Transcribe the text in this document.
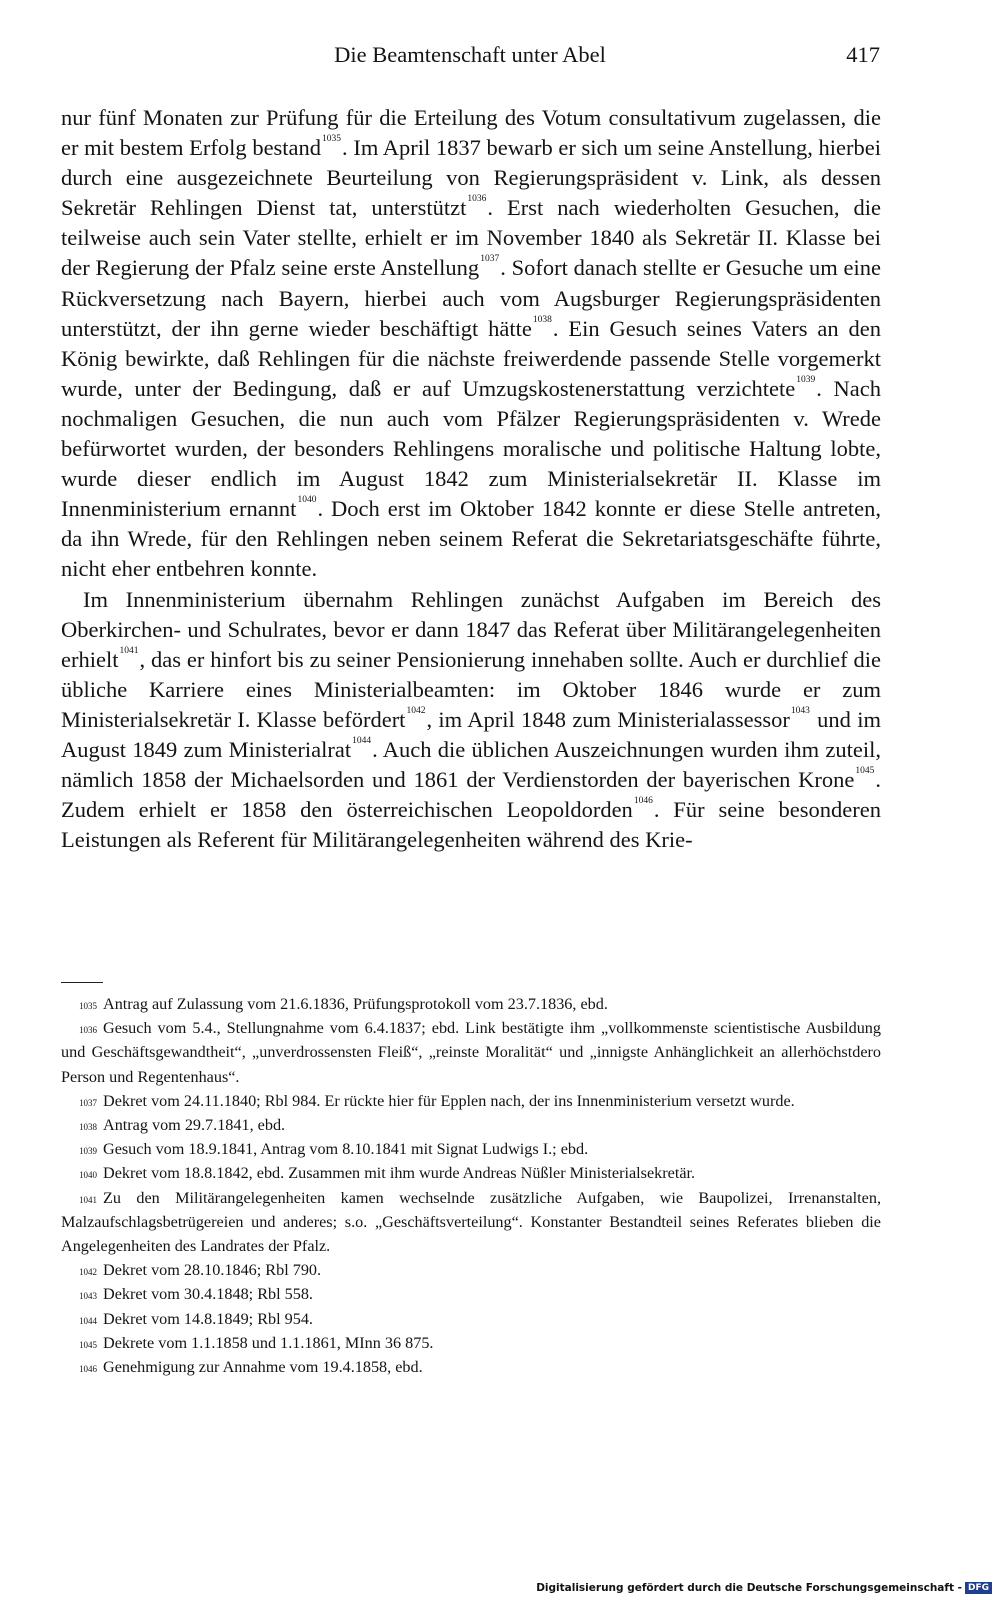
Die Beamtenschaft unter Abel	417

nur fünf Monaten zur Prüfung für die Erteilung des Votum consultativum zugelassen, die er mit bestem Erfolg bestand$^{1035}$. Im April 1837 bewarb er sich um seine Anstellung, hierbei durch eine ausgezeichnete Beurteilung von Regierungspräsident v. Link, als dessen Sekretär Rehlingen Dienst tat, unterstützt$^{1036}$. Erst nach wiederholten Gesuchen, die teilweise auch sein Vater stellte, erhielt er im November 1840 als Sekretär II. Klasse bei der Regierung der Pfalz seine erste Anstellung$^{1037}$. Sofort danach stellte er Gesuche um eine Rückversetzung nach Bayern, hierbei auch vom Augsburger Regierungspräsidenten unterstützt, der ihn gerne wieder beschäftigt hätte$^{1038}$. Ein Gesuch seines Vaters an den König bewirkte, daß Rehlingen für die nächste freiwerdende passende Stelle vorgemerkt wurde, unter der Bedingung, daß er auf Umzugskostenerstattung verzichtete$^{1039}$. Nach nochmaligen Gesuchen, die nun auch vom Pfälzer Regierungspräsidenten v. Wrede befürwortet wurden, der besonders Rehlingens moralische und politische Haltung lobte, wurde dieser endlich im August 1842 zum Ministerialsekretär II. Klasse im Innenministerium ernannt$^{1040}$. Doch erst im Oktober 1842 konnte er diese Stelle antreten, da ihn Wrede, für den Rehlingen neben seinem Referat die Sekretariatsgeschäfte führte, nicht eher entbehren konnte.

Im Innenministerium übernahm Rehlingen zunächst Aufgaben im Bereich des Oberkirchen- und Schulrates, bevor er dann 1847 das Referat über Militärangelegenheiten erhielt$^{1041}$, das er hinfort bis zu seiner Pensionierung innehaben sollte. Auch er durchlief die übliche Karriere eines Ministerialbeamten: im Oktober 1846 wurde er zum Ministerialsekretär I. Klasse befördert$^{1042}$, im April 1848 zum Ministerialassessor$^{1043}$ und im August 1849 zum Ministerialrat$^{1044}$. Auch die üblichen Auszeichnungen wurden ihm zuteil, nämlich 1858 der Michaelsorden und 1861 der Verdienstorden der bayerischen Krone$^{1045}$. Zudem erhielt er 1858 den österreichischen Leopoldorden$^{1046}$. Für seine besonderen Leistungen als Referent für Militärangelegenheiten während des Krie-

$^{1035}$ Antrag auf Zulassung vom 21.6.1836, Prüfungsprotokoll vom 23.7.1836, ebd.

$^{1036}$ Gesuch vom 5.4., Stellungnahme vom 6.4.1837; ebd. Link bestätigte ihm „vollkommenste scientistische Ausbildung und Geschäftsgewandtheit“, „unverdrossensten Fleiß“, „reinste Moralität“ und „innigste Anhänglichkeit an allerhöchstdero Person und Regentenhaus“.

$^{1037}$ Dekret vom 24.11.1840; Rbl 984. Er rückte hier für Epplen nach, der ins Innenministerium versetzt wurde.

$^{1038}$ Antrag vom 29.7.1841, ebd.

$^{1039}$ Gesuch vom 18.9.1841, Antrag vom 8.10.1841 mit Signat Ludwigs I.; ebd.

$^{1040}$ Dekret vom 18.8.1842, ebd. Zusammen mit ihm wurde Andreas Nüßler Ministerialsekretär.

$^{1041}$ Zu den Militärangelegenheiten kamen wechselnde zusätzliche Aufgaben, wie Baupolizei, Irrenanstalten, Malzaufschlagsbetrügereien und anderes; s.o. „Geschäftsverteilung“. Konstanter Bestandteil seines Referates blieben die Angelegenheiten des Landrates der Pfalz.

$^{1042}$ Dekret vom 28.10.1846; Rbl 790.

$^{1043}$ Dekret vom 30.4.1848; Rbl 558.

$^{1044}$ Dekret vom 14.8.1849; Rbl 954.

$^{1045}$ Dekrete vom 1.1.1858 und 1.1.1861, MInn 36 875.

$^{1046}$ Genehmigung zur Annahme vom 19.4.1858, ebd.

Digitalisierung gefördert durch die Deutsche Forschungsgemeinschaft - DFG
